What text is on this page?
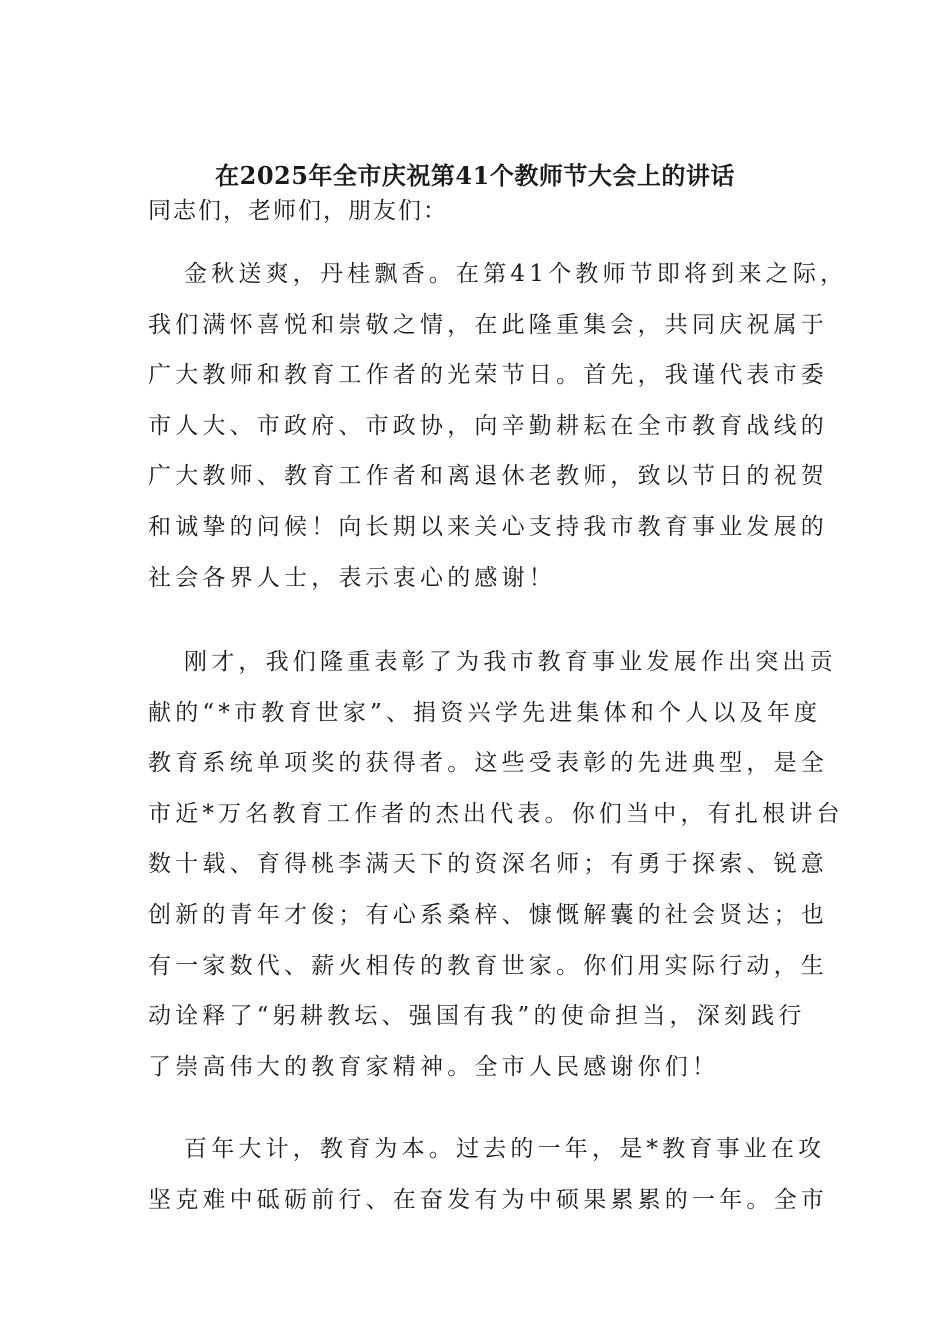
在2025年全市庆祝第41个教师节大会上的讲话
同志们，老师们，朋友们：
金秋送爽，丹桂飘香。在第41个教师节即将到来之际，
我们满怀喜悦和崇敬之情，在此隆重集会，共同庆祝属于
广大教师和教育工作者的光荣节日。首先，我谨代表市委
市人大、市政府、市政协，向辛勤耕耘在全市教育战线的
广大教师、教育工作者和离退休老教师，致以节日的祝贺
和诚挚的问候！向长期以来关心支持我市教育事业发展的
社会各界人士，表示衷心的感谢！
刚才，我们隆重表彰了为我市教育事业发展作出突出贡
献的“*市教育世家”、捐资兴学先进集体和个人以及年度
教育系统单项奖的获得者。这些受表彰的先进典型，是全
市近*万名教育工作者的杰出代表。你们当中，有扎根讲台
数十载、育得桃李满天下的资深名师；有勇于探索、锐意
创新的青年才俊；有心系桑梓、慷慨解囊的社会贤达；也
有一家数代、薪火相传的教育世家。你们用实际行动，生
动诠释了“躬耕教坛、强国有我”的使命担当，深刻践行
了崇高伟大的教育家精神。全市人民感谢你们！
百年大计，教育为本。过去的一年，是*教育事业在攻
坚克难中砥砺前行、在奋发有为中硕果累累的一年。全市
